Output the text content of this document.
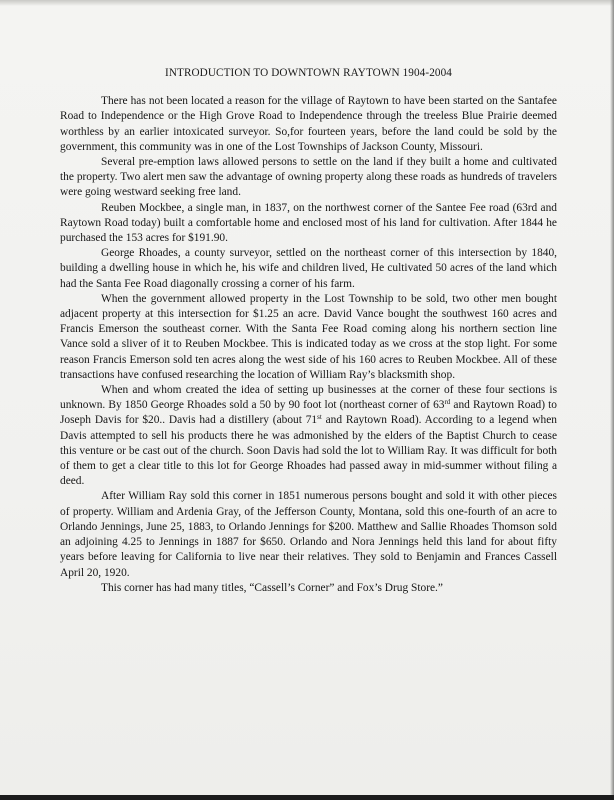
INTRODUCTION TO DOWNTOWN RAYTOWN 1904-2004

There has not been located a reason for the village of Raytown to have been started on the Santafee Road to Independence or the High Grove Road to Independence through the treeless Blue Prairie deemed worthless by an earlier intoxicated surveyor. So,for fourteen years, before the land could be sold by the government, this community was in one of the Lost Townships of Jackson County, Missouri.

Several pre-emption laws allowed persons to settle on the land if they built a home and cultivated the property. Two alert men saw the advantage of owning property along these roads as hundreds of travelers were going westward seeking free land.

Reuben Mockbee, a single man, in 1837, on the northwest corner of the Santee Fee road (63rd and Raytown Road today) built a comfortable home and enclosed most of his land for cultivation. After 1844 he purchased the 153 acres for $191.90.

George Rhoades, a county surveyor, settled on the northeast corner of this intersection by 1840, building a dwelling house in which he, his wife and children lived, He cultivated 50 acres of the land which had the Santa Fee Road diagonally crossing a corner of his farm.

When the government allowed property in the Lost Township to be sold, two other men bought adjacent property at this intersection for $1.25 an acre. David Vance bought the southwest 160 acres and Francis Emerson the southeast corner. With the Santa Fee Road coming along his northern section line Vance sold a sliver of it to Reuben Mockbee. This is indicated today as we cross at the stop light. For some reason Francis Emerson sold ten acres along the west side of his 160 acres to Reuben Mockbee. All of these transactions have confused researching the location of William Ray’s blacksmith shop.

When and whom created the idea of setting up businesses at the corner of these four sections is unknown. By 1850 George Rhoades sold a 50 by 90 foot lot (northeast corner of 63rd and Raytown Road) to Joseph Davis for $20.. Davis had a distillery (about 71st and Raytown Road). According to a legend when Davis attempted to sell his products there he was admonished by the elders of the Baptist Church to cease this venture or be cast out of the church. Soon Davis had sold the lot to William Ray. It was difficult for both of them to get a clear title to this lot for George Rhoades had passed away in mid-summer without filing a deed.

After William Ray sold this corner in 1851 numerous persons bought and sold it with other pieces of property. William and Ardenia Gray, of the Jefferson County, Montana, sold this one-fourth of an acre to Orlando Jennings, June 25, 1883, to Orlando Jennings for $200. Matthew and Sallie Rhoades Thomson sold an adjoining 4.25 to Jennings in 1887 for $650. Orlando and Nora Jennings held this land for about fifty years before leaving for California to live near their relatives. They sold to Benjamin and Frances Cassell April 20, 1920.

This corner has had many titles, “Cassell’s Corner” and Fox’s Drug Store.”
